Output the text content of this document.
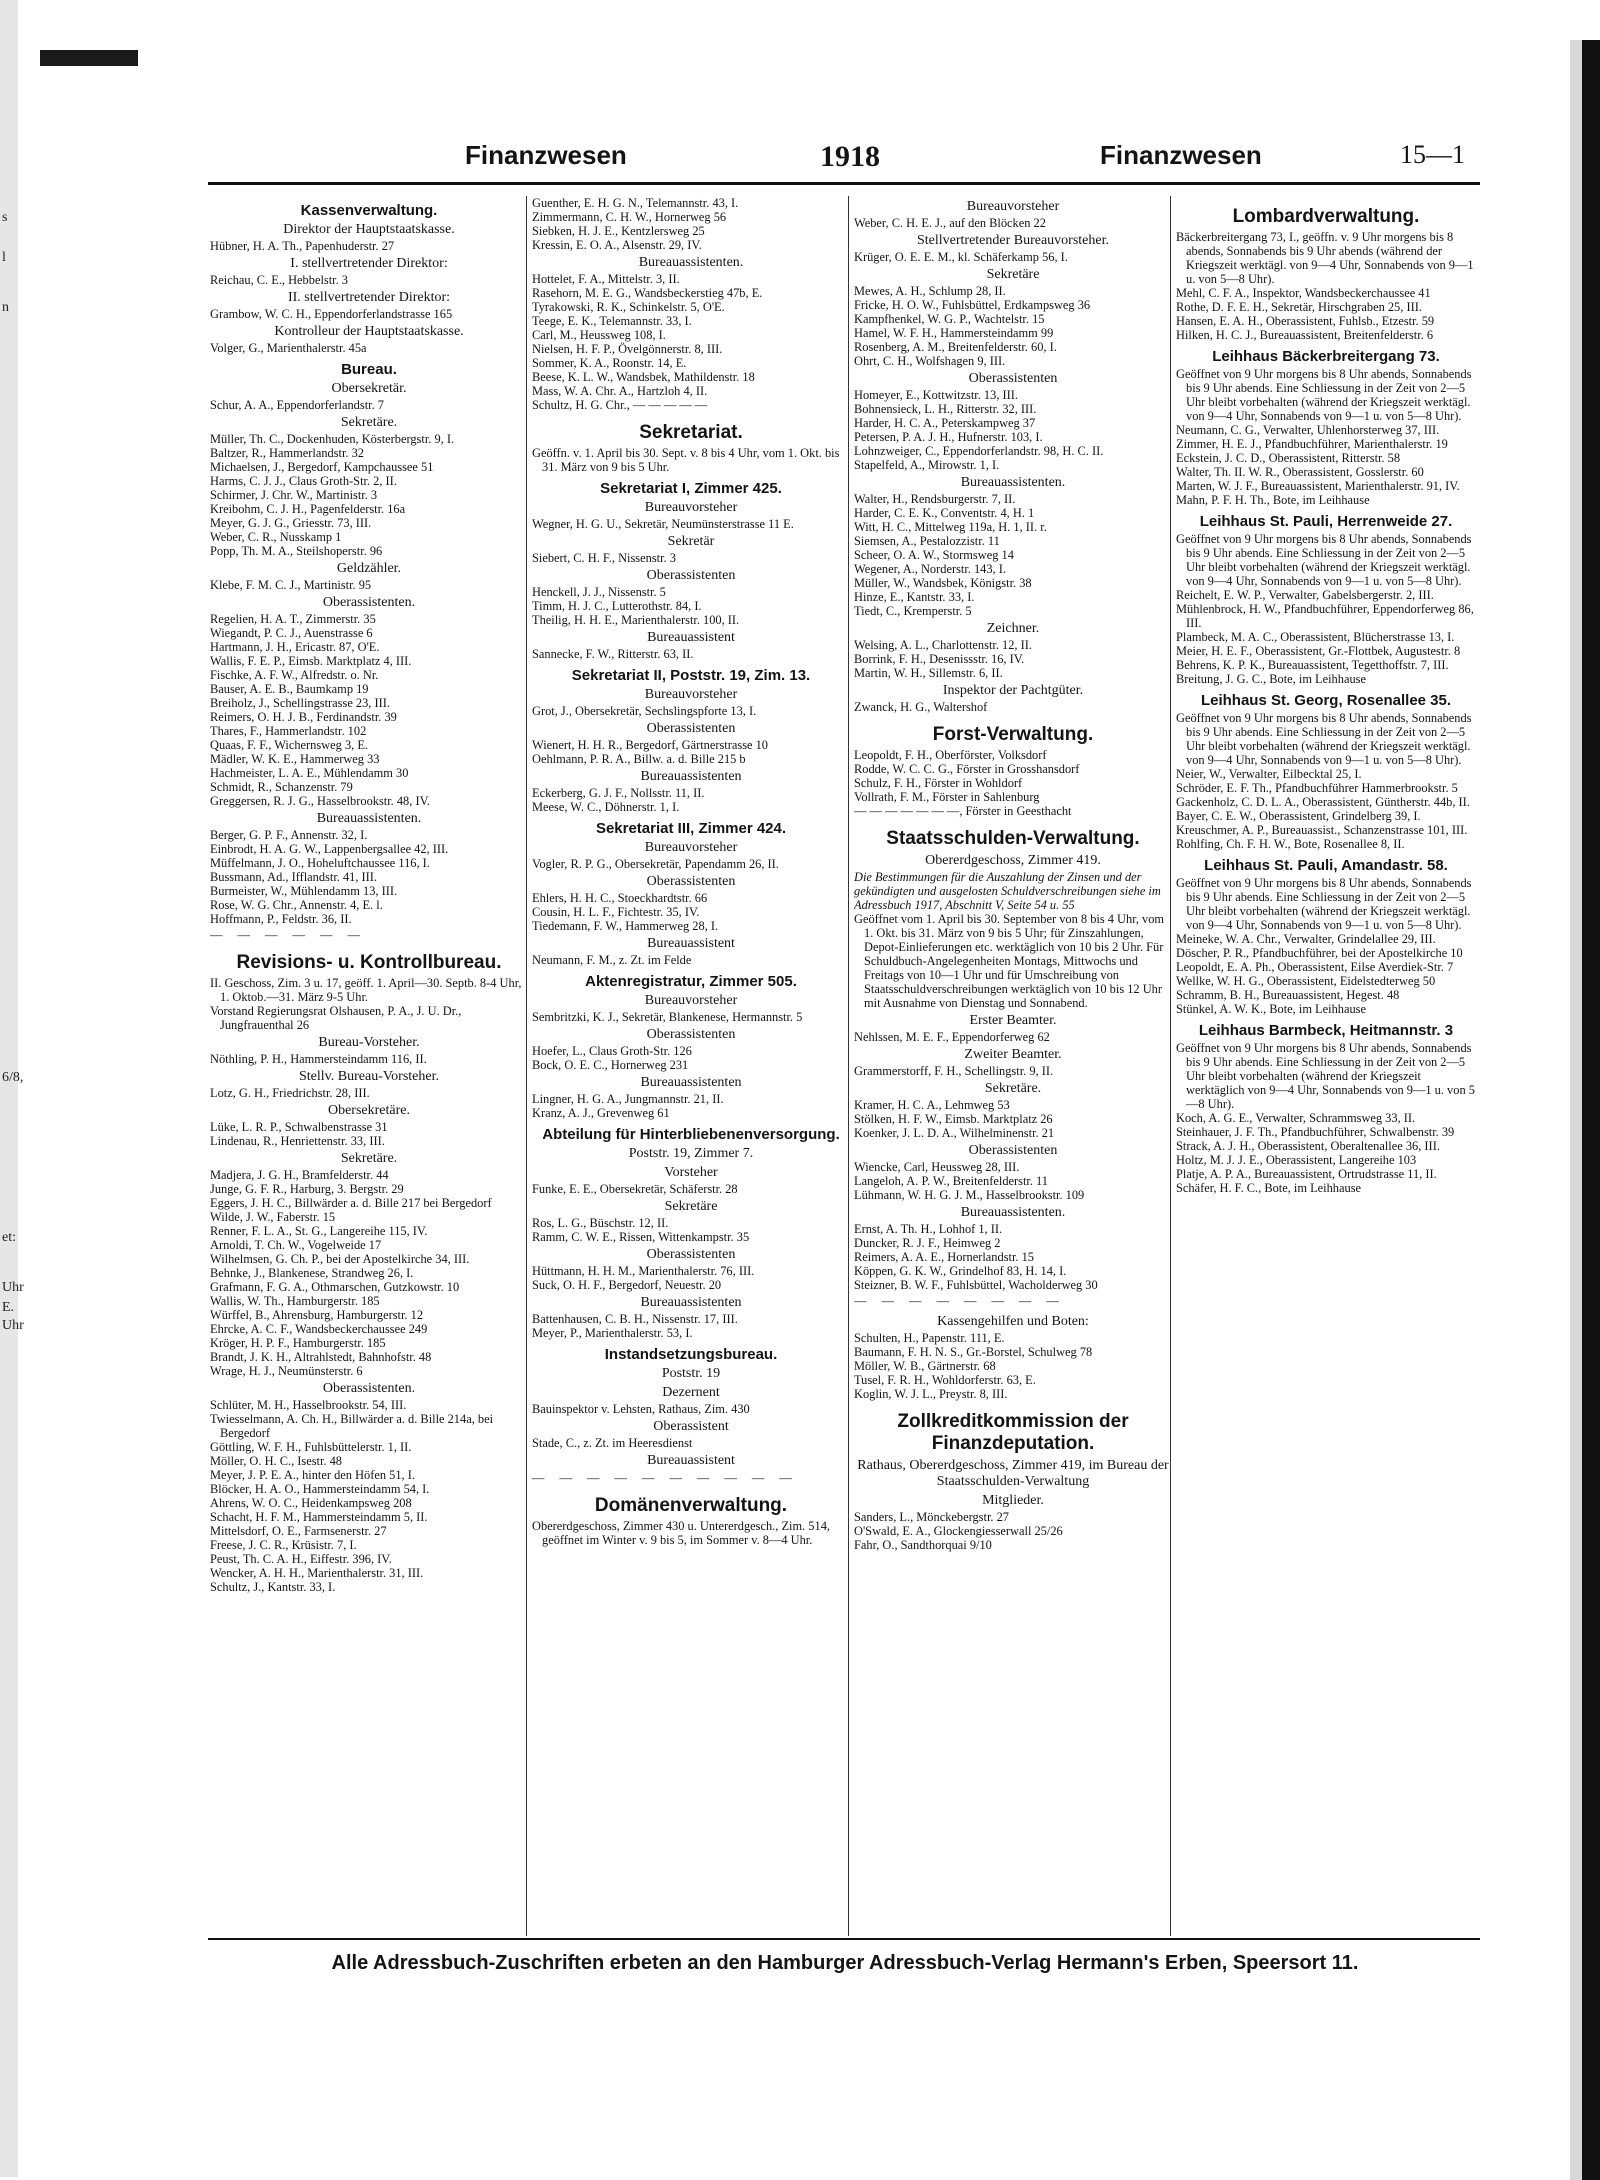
s
l
n
6/8,
et:
Uhr
E.
Uhr
Finanzwesen	1918	Finanzwesen	15—1
Kassenverwaltung.
Direktor der Hauptstaatskasse.

Hübner, H. A. Th., Papenhuderstr. 27

I. stellvertretender Direktor:

Reichau, C. E., Hebbelstr. 3

II. stellvertretender Direktor:

Grambow, W. C. H., Eppendorferlandstrasse 165

Kontrolleur der Hauptstaatskasse.

Volger, G., Marienthalerstr. 45a

Bureau.
Obersekretär.

Schur, A. A., Eppendorferlandstr. 7

Sekretäre.

Müller, Th. C., Dockenhuden, Kösterbergstr. 9, I.

Baltzer, R., Hammerlandstr. 32

Michaelsen, J., Bergedorf, Kampchaussee 51

Harms, C. J. J., Claus Groth-Str. 2, II.

Schirmer, J. Chr. W., Martinistr. 3

Kreibohm, C. J. H., Pagenfelderstr. 16a

Meyer, G. J. G., Griesstr. 73, III.

Weber, C. R., Nusskamp 1

Popp, Th. M. A., Steilshoperstr. 96

Geldzähler.

Klebe, F. M. C. J., Martinistr. 95

Oberassistenten.

Regelien, H. A. T., Zimmerstr. 35

Wiegandt, P. C. J., Auenstrasse 6

Hartmann, J. H., Ericastr. 87, O'E.

Wallis, F. E. P., Eimsb. Marktplatz 4, III.

Fischke, A. F. W., Alfredstr. o. Nr.

Bauser, A. E. B., Baumkamp 19

Breiholz, J., Schellingstrasse 23, III.

Reimers, O. H. J. B., Ferdinandstr. 39

Thares, F., Hammerlandstr. 102

Quaas, F. F., Wichernsweg 3, E.

Mädler, W. K. E., Hammerweg 33

Hachmeister, L. A. E., Mühlendamm 30

Schmidt, R., Schanzenstr. 79

Greggersen, R. J. G., Hasselbrookstr. 48, IV.

Bureauassistenten.

Berger, G. P. F., Annenstr. 32, I.

Einbrodt, H. A. G. W., Lappenbergsallee 42, III.

Müffelmann, J. O., Hoheluftchaussee 116, I.

Bussmann, Ad., Ifflandstr. 41, III.

Burmeister, W., Mühlendamm 13, III.

Rose, W. G. Chr., Annenstr. 4, E. l.

Hoffmann, P., Feldstr. 36, II.

— — — — — —

Revisions- u. Kontrollbureau.

II. Geschoss, Zim. 3 u. 17, geöff. 1. April—30. Septb. 8-4 Uhr, 1. Oktob.—31. März 9-5 Uhr.

Vorstand Regierungsrat Olshausen, P. A., J. U. Dr., Jungfrauenthal 26

Bureau-Vorsteher.

Nöthling, P. H., Hammersteindamm 116, II.

Stellv. Bureau-Vorsteher.

Lotz, G. H., Friedrichstr. 28, III.

Obersekretäre.

Lüke, L. R. P., Schwalbenstrasse 31

Lindenau, R., Henriettenstr. 33, III.

Sekretäre.

Madjera, J. G. H., Bramfelderstr. 44

Junge, G. F. R., Harburg, 3. Bergstr. 29

Eggers, J. H. C., Billwärder a. d. Bille 217 bei Bergedorf

Wilde, J. W., Faberstr. 15

Renner, F. L. A., St. G., Langereihe 115, IV.

Arnoldi, T. Ch. W., Vogelweide 17

Wilhelmsen, G. Ch. P., bei der Apostelkirche 34, III.

Behnke, J., Blankenese, Strandweg 26, I.

Grafmann, F. G. A., Othmarschen, Gutzkowstr. 10

Wallis, W. Th., Hamburgerstr. 185

Würffel, B., Ahrensburg, Hamburgerstr. 12

Ehrcke, A. C. F., Wandsbeckerchaussee 249

Kröger, H. P. F., Hamburgerstr. 185

Brandt, J. K. H., Altrahlstedt, Bahnhofstr. 48

Wrage, H. J., Neumünsterstr. 6

Oberassistenten.

Schlüter, M. H., Hasselbrookstr. 54, III.

Twiesselmann, A. Ch. H., Billwärder a. d. Bille 214a, bei Bergedorf

Göttling, W. F. H., Fuhlsbüttelerstr. 1, II.

Möller, O. H. C., Isestr. 48

Meyer, J. P. E. A., hinter den Höfen 51, I.

Blöcker, H. A. O., Hammersteindamm 54, I.

Ahrens, W. O. C., Heidenkampsweg 208

Schacht, H. F. M., Hammersteindamm 5, II.

Mittelsdorf, O. E., Farmsenerstr. 27

Freese, J. C. R., Krüsistr. 7, I.

Peust, Th. C. A. H., Eiffestr. 396, IV.

Wencker, A. H. H., Marienthalerstr. 31, III.

Schultz, J., Kantstr. 33, I.

Guenther, E. H. G. N., Telemannstr. 43, I.

Zimmermann, C. H. W., Hornerweg 56

Siebken, H. J. E., Kentzlersweg 25

Kressin, E. O. A., Alsenstr. 29, IV.

Bureauassistenten.

Hottelet, F. A., Mittelstr. 3, II.

Rasehorn, M. E. G., Wandsbeckerstieg 47b, E.

Tyrakowski, R. K., Schinkelstr. 5, O'E.

Teege, E. K., Telemannstr. 33, I.

Carl, M., Heussweg 108, I.

Nielsen, H. F. P., Övelgönnerstr. 8, III.

Sommer, K. A., Roonstr. 14, E.

Beese, K. L. W., Wandsbek, Mathildenstr. 18

Mass, W. A. Chr. A., Hartzloh 4, II.

Schultz, H. G. Chr., — — — — —

Sekretariat.

Geöffn. v. 1. April bis 30. Sept. v. 8 bis 4 Uhr, vom 1. Okt. bis 31. März von 9 bis 5 Uhr.

Sekretariat I, Zimmer 425.
Bureauvorsteher

Wegner, H. G. U., Sekretär, Neumünsterstrasse 11 E.

Sekretär

Siebert, C. H. F., Nissenstr. 3

Oberassistenten

Henckell, J. J., Nissenstr. 5

Timm, H. J. C., Lutterothstr. 84, I.

Theilig, H. H. E., Marienthalerstr. 100, II.

Bureauassistent

Sannecke, F. W., Ritterstr. 63, II.

Sekretariat II, Poststr. 19, Zim. 13.
Bureauvorsteher

Grot, J., Obersekretär, Sechslingspforte 13, I.

Oberassistenten

Wienert, H. H. R., Bergedorf, Gärtnerstrasse 10

Oehlmann, P. R. A., Billw. a. d. Bille 215 b

Bureauassistenten

Eckerberg, G. J. F., Nollsstr. 11, II.

Meese, W. C., Döhnerstr. 1, I.

Sekretariat III, Zimmer 424.
Bureauvorsteher

Vogler, R. P. G., Obersekretär, Papendamm 26, II.

Oberassistenten

Ehlers, H. H. C., Stoeckhardtstr. 66

Cousin, H. L. F., Fichtestr. 35, IV.

Tiedemann, F. W., Hammerweg 28, I.

Bureauassistent

Neumann, F. M., z. Zt. im Felde

Aktenregistratur, Zimmer 505.
Bureauvorsteher

Sembritzki, K. J., Sekretär, Blankenese, Hermannstr. 5

Oberassistenten

Hoefer, L., Claus Groth-Str. 126

Bock, O. E. C., Hornerweg 231

Bureauassistenten

Lingner, H. G. A., Jungmannstr. 21, II.

Kranz, A. J., Grevenweg 61

Abteilung für Hinterbliebenenversorgung.
Poststr. 19, Zimmer 7.
Vorsteher

Funke, E. E., Obersekretär, Schäferstr. 28

Sekretäre

Ros, L. G., Büschstr. 12, II.

Ramm, C. W. E., Rissen, Wittenkampstr. 35

Oberassistenten

Hüttmann, H. H. M., Marienthalerstr. 76, III.

Suck, O. H. F., Bergedorf, Neuestr. 20

Bureauassistenten

Battenhausen, C. B. H., Nissenstr. 17, III.

Meyer, P., Marienthalerstr. 53, I.

Instandsetzungsbureau.
Poststr. 19
Dezernent

Bauinspektor v. Lehsten, Rathaus, Zim. 430

Oberassistent

Stade, C., z. Zt. im Heeresdienst

Bureauassistent

— — — — — — — — — —

Domänenverwaltung.

Obererdgeschoss, Zimmer 430 u. Untererdgesch., Zim. 514, geöffnet im Winter v. 9 bis 5, im Sommer v. 8—4 Uhr.

Bureauvorsteher

Weber, C. H. E. J., auf den Blöcken 22

Stellvertretender Bureauvorsteher.

Krüger, O. E. E. M., kl. Schäferkamp 56, I.

Sekretäre

Mewes, A. H., Schlump 28, II.

Fricke, H. O. W., Fuhlsbüttel, Erdkampsweg 36

Kampfhenkel, W. G. P., Wachtelstr. 15

Hamel, W. F. H., Hammersteindamm 99

Rosenberg, A. M., Breitenfelderstr. 60, I.

Ohrt, C. H., Wolfshagen 9, III.

Oberassistenten

Homeyer, E., Kottwitzstr. 13, III.

Bohnensieck, L. H., Ritterstr. 32, III.

Harder, H. C. A., Peterskampweg 37

Petersen, P. A. J. H., Hufnerstr. 103, I.

Lohnzweiger, C., Eppendorferlandstr. 98, H. C. II.

Stapelfeld, A., Mirowstr. 1, I.

Bureauassistenten.

Walter, H., Rendsburgerstr. 7, II.

Harder, C. E. K., Conventstr. 4, H. 1

Witt, H. C., Mittelweg 119a, H. 1, II. r.

Siemsen, A., Pestalozzistr. 11

Scheer, O. A. W., Stormsweg 14

Wegener, A., Norderstr. 143, I.

Müller, W., Wandsbek, Königstr. 38

Hinze, E., Kantstr. 33, I.

Tiedt, C., Kremperstr. 5

Zeichner.

Welsing, A. L., Charlottenstr. 12, II.

Borrink, F. H., Desenissstr. 16, IV.

Martin, W. H., Sillemstr. 6, II.

Inspektor der Pachtgüter.

Zwanck, H. G., Waltershof

Forst-Verwaltung.

Leopoldt, F. H., Oberförster, Volksdorf

Rodde, W. C. C. G., Förster in Grosshansdorf

Schulz, F. H., Förster in Wohldorf

Vollrath, F. M., Förster in Sahlenburg

— — — — — — —, Förster in Geesthacht

Staatsschulden-Verwaltung.
Obererdgeschoss, Zimmer 419.

Die Bestimmungen für die Auszahlung der Zinsen und der gekündigten und ausgelosten Schuldverschreibungen siehe im Adressbuch 1917, Abschnitt V, Seite 54 u. 55

Geöffnet vom 1. April bis 30. September von 8 bis 4 Uhr, vom 1. Okt. bis 31. März von 9 bis 5 Uhr; für Zinszahlungen, Depot-Einlieferungen etc. werktäglich von 10 bis 2 Uhr. Für Schuldbuch-Angelegenheiten Montags, Mittwochs und Freitags von 10—1 Uhr und für Umschreibung von Staatsschuldverschreibungen werktäglich von 10 bis 12 Uhr mit Ausnahme von Dienstag und Sonnabend.

Erster Beamter.

Nehlssen, M. E. F., Eppendorferweg 62

Zweiter Beamter.

Grammerstorff, F. H., Schellingstr. 9, II.

Sekretäre.

Kramer, H. C. A., Lehmweg 53

Stölken, H. F. W., Eimsb. Marktplatz 26

Koenker, J. L. D. A., Wilhelminenstr. 21

Oberassistenten

Wiencke, Carl, Heussweg 28, III.

Langeloh, A. P. W., Breitenfelderstr. 11

Lühmann, W. H. G. J. M., Hasselbrookstr. 109

Bureauassistenten.

Ernst, A. Th. H., Lohhof 1, II.

Duncker, R. J. F., Heimweg 2

Reimers, A. A. E., Hornerlandstr. 15

Köppen, G. K. W., Grindelhof 83, H. 14, I.

Steizner, B. W. F., Fuhlsbüttel, Wacholderweg 30

— — — — — — — —

Kassengehilfen und Boten:

Schulten, H., Papenstr. 111, E.

Baumann, F. H. N. S., Gr.-Borstel, Schulweg 78

Möller, W. B., Gärtnerstr. 68

Tusel, F. R. H., Wohldorferstr. 63, E.

Koglin, W. J. L., Preystr. 8, III.

Zollkreditkommission der Finanzdeputation.
Rathaus, Obererdgeschoss, Zimmer 419, im Bureau der Staatsschulden-Verwaltung
Mitglieder.

Sanders, L., Mönckebergstr. 27

O'Swald, E. A., Glockengiesserwall 25/26

Fahr, O., Sandthorquai 9/10

Lombardverwaltung.

Bäckerbreitergang 73, I., geöffn. v. 9 Uhr morgens bis 8 abends, Sonnabends bis 9 Uhr abends (während der Kriegszeit werktägl. von 9—4 Uhr, Sonnabends von 9—1 u. von 5—8 Uhr).

Mehl, C. F. A., Inspektor, Wandsbeckerchaussee 41

Rothe, D. F. E. H., Sekretär, Hirschgraben 25, III.

Hansen, E. A. H., Oberassistent, Fuhlsb., Etzestr. 59

Hilken, H. C. J., Bureauassistent, Breitenfelderstr. 6

Leihhaus Bäckerbreitergang 73.

Geöffnet von 9 Uhr morgens bis 8 Uhr abends, Sonnabends bis 9 Uhr abends. Eine Schliessung in der Zeit von 2—5 Uhr bleibt vorbehalten (während der Kriegszeit werktägl. von 9—4 Uhr, Sonnabends von 9—1 u. von 5—8 Uhr).

Neumann, C. G., Verwalter, Uhlenhorsterweg 37, III.

Zimmer, H. E. J., Pfandbuchführer, Marienthalerstr. 19

Eckstein, J. C. D., Oberassistent, Ritterstr. 58

Walter, Th. II. W. R., Oberassistent, Gosslerstr. 60

Marten, W. J. F., Bureauassistent, Marienthalerstr. 91, IV.

Mahn, P. F. H. Th., Bote, im Leihhause

Leihhaus St. Pauli, Herrenweide 27.

Geöffnet von 9 Uhr morgens bis 8 Uhr abends, Sonnabends bis 9 Uhr abends. Eine Schliessung in der Zeit von 2—5 Uhr bleibt vorbehalten (während der Kriegszeit werktägl. von 9—4 Uhr, Sonnabends von 9—1 u. von 5—8 Uhr).

Reichelt, E. W. P., Verwalter, Gabelsbergerstr. 2, III.

Mühlenbrock, H. W., Pfandbuchführer, Eppendorferweg 86, III.

Plambeck, M. A. C., Oberassistent, Blücherstrasse 13, I.

Meier, H. E. F., Oberassistent, Gr.-Flottbek, Augustestr. 8

Behrens, K. P. K., Bureauassistent, Tegetthoffstr. 7, III.

Breitung, J. G. C., Bote, im Leihhause

Leihhaus St. Georg, Rosenallee 35.

Geöffnet von 9 Uhr morgens bis 8 Uhr abends, Sonnabends bis 9 Uhr abends. Eine Schliessung in der Zeit von 2—5 Uhr bleibt vorbehalten (während der Kriegszeit werktägl. von 9—4 Uhr, Sonnabends von 9—1 u. von 5—8 Uhr).

Neier, W., Verwalter, Eilbecktal 25, I.

Schröder, E. F. Th., Pfandbuchführer Hammerbrookstr. 5

Gackenholz, C. D. L. A., Oberassistent, Güntherstr. 44b, II.

Bayer, C. E. W., Oberassistent, Grindelberg 39, I.

Kreuschmer, A. P., Bureauassist., Schanzenstrasse 101, III.

Rohlfing, Ch. F. H. W., Bote, Rosenallee 8, II.

Leihhaus St. Pauli, Amandastr. 58.

Geöffnet von 9 Uhr morgens bis 8 Uhr abends, Sonnabends bis 9 Uhr abends. Eine Schliessung in der Zeit von 2—5 Uhr bleibt vorbehalten (während der Kriegszeit werktägl. von 9—4 Uhr, Sonnabends von 9—1 u. von 5—8 Uhr).

Meineke, W. A. Chr., Verwalter, Grindelallee 29, III.

Döscher, P. R., Pfandbuchführer, bei der Apostelkirche 10

Leopoldt, E. A. Ph., Oberassistent, Eilse Averdiek-Str. 7

Wellke, W. H. G., Oberassistent, Eidelstedterweg 50

Schramm, B. H., Bureauassistent, Hegest. 48

Stünkel, A. W. K., Bote, im Leihhause

Leihhaus Barmbeck, Heitmannstr. 3

Geöffnet von 9 Uhr morgens bis 8 Uhr abends, Sonnabends bis 9 Uhr abends. Eine Schliessung in der Zeit von 2—5 Uhr bleibt vorbehalten (während der Kriegszeit werktäglich von 9—4 Uhr, Sonnabends von 9—1 u. von 5—8 Uhr).

Koch, A. G. E., Verwalter, Schrammsweg 33, II.

Steinhauer, J. F. Th., Pfandbuchführer, Schwalbenstr. 39

Strack, A. J. H., Oberassistent, Oberaltenallee 36, III.

Holtz, M. J. J. E., Oberassistent, Langereihe 103

Platje, A. P. A., Bureauassistent, Ortrudstrasse 11, II.

Schäfer, H. F. C., Bote, im Leihhause

Alle Adressbuch-Zuschriften erbeten an den Hamburger Adressbuch-Verlag Hermann's Erben, Speersort 11.
